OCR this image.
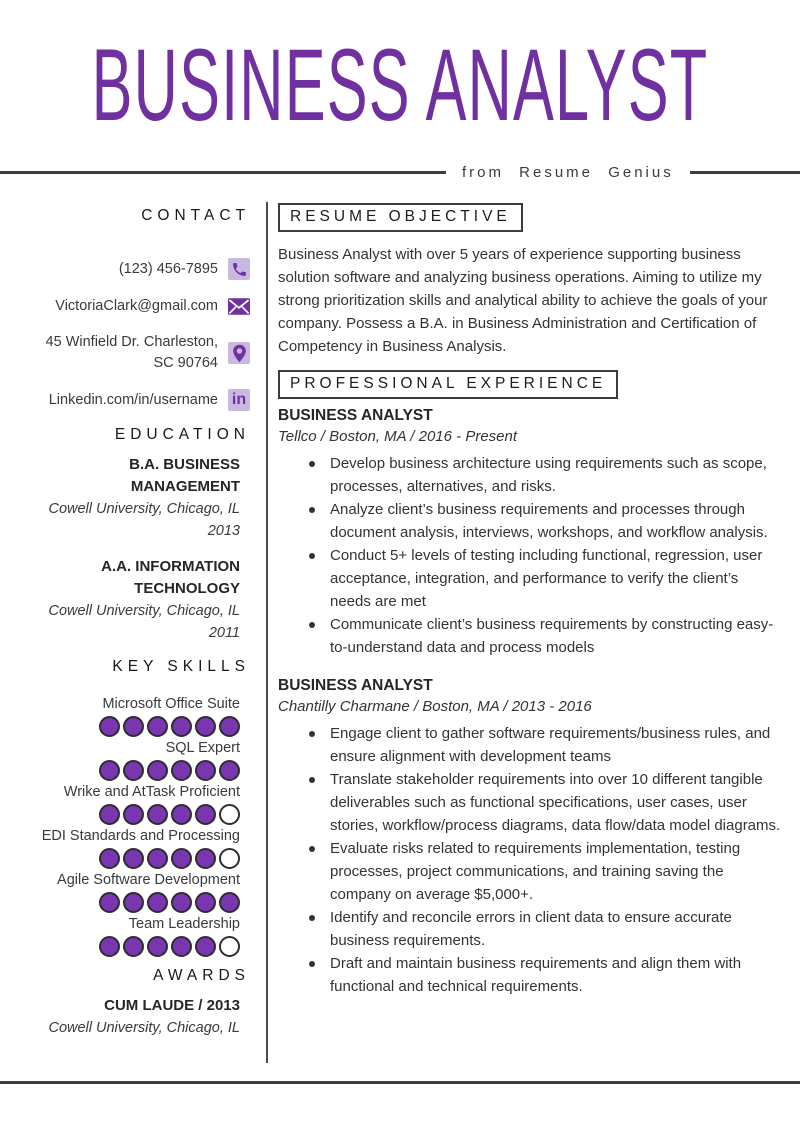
BUSINESS ANALYST
from Resume Genius
CONTACT
(123) 456-7895
VictoriaClark@gmail.com
45 Winfield Dr. Charleston, SC 90764
Linkedin.com/in/username in
EDUCATION
B.A. BUSINESS MANAGEMENT
Cowell University, Chicago, IL
2013
A.A. INFORMATION TECHNOLOGY
Cowell University, Chicago, IL
2011
KEY SKILLS
Microsoft Office Suite
SQL Expert
Wrike and AtTask Proficient
EDI Standards and Processing
Agile Software Development
Team Leadership
AWARDS
CUM LAUDE / 2013
Cowell University, Chicago, IL
RESUME OBJECTIVE

Business Analyst with over 5 years of experience supporting business solution software and analyzing business operations. Aiming to utilize my strong prioritization skills and analytical ability to achieve the goals of your company. Possess a B.A. in Business Administration and Certification of Competency in Business Analysis.

PROFESSIONAL EXPERIENCE
BUSINESS ANALYST
Tellco / Boston, MA / 2016 - Present
Develop business architecture using requirements such as scope, processes, alternatives, and risks.
Analyze client’s business requirements and processes through document analysis, interviews, workshops, and workflow analysis.
Conduct 5+ levels of testing including functional, regression, user acceptance, integration, and performance to verify the client’s needs are met
Communicate client’s business requirements by constructing easy- to-understand data and process models
BUSINESS ANALYST
Chantilly Charmane / Boston, MA / 2013 - 2016
Engage client to gather software requirements/business rules, and ensure alignment with development teams
Translate stakeholder requirements into over 10 different tangible deliverables such as functional specifications, user cases, user stories, workflow/process diagrams, data flow/data model diagrams.
Evaluate risks related to requirements implementation, testing processes, project communications, and training saving the company on average $5,000+.
Identify and reconcile errors in client data to ensure accurate business requirements.
Draft and maintain business requirements and align them with functional and technical requirements.
